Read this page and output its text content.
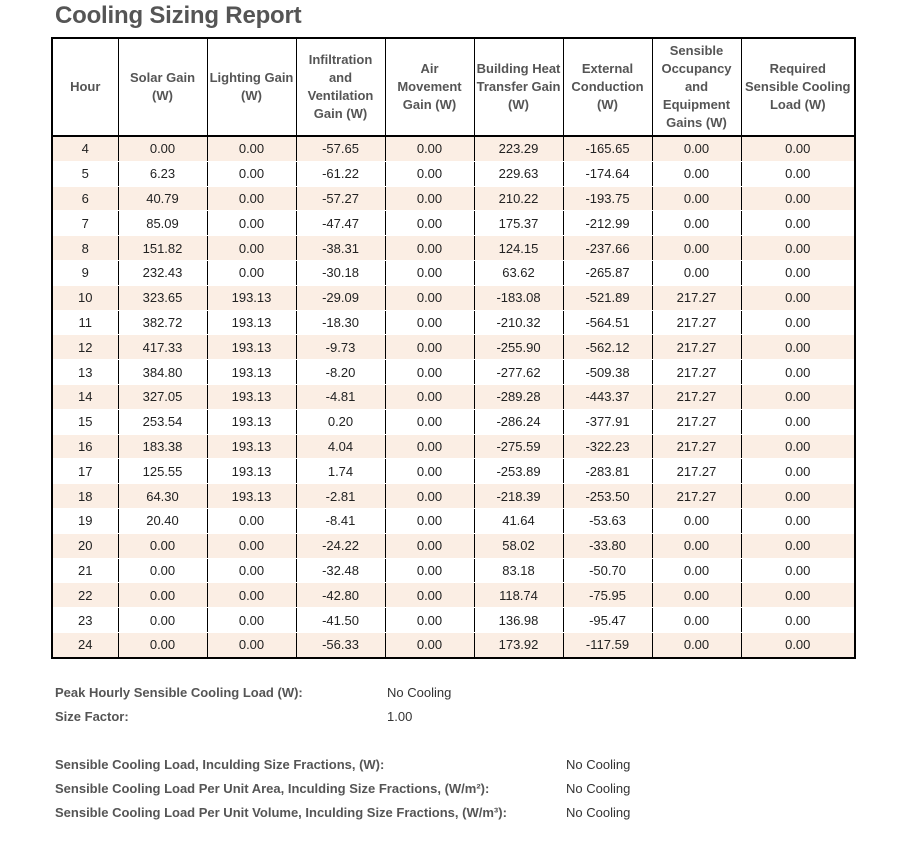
Cooling Sizing Report
Hour	Solar Gain (W)	Lighting Gain (W)	Infiltration and Ventilation Gain (W)	Air Movement Gain (W)	Building Heat Transfer Gain (W)	External Conduction (W)	Sensible Occupancy and Equipment Gains (W)	Required Sensible Cooling Load (W)
4	0.00	0.00	-57.65	0.00	223.29	-165.65	0.00	0.00
5	6.23	0.00	-61.22	0.00	229.63	-174.64	0.00	0.00
6	40.79	0.00	-57.27	0.00	210.22	-193.75	0.00	0.00
7	85.09	0.00	-47.47	0.00	175.37	-212.99	0.00	0.00
8	151.82	0.00	-38.31	0.00	124.15	-237.66	0.00	0.00
9	232.43	0.00	-30.18	0.00	63.62	-265.87	0.00	0.00
10	323.65	193.13	-29.09	0.00	-183.08	-521.89	217.27	0.00
11	382.72	193.13	-18.30	0.00	-210.32	-564.51	217.27	0.00
12	417.33	193.13	-9.73	0.00	-255.90	-562.12	217.27	0.00
13	384.80	193.13	-8.20	0.00	-277.62	-509.38	217.27	0.00
14	327.05	193.13	-4.81	0.00	-289.28	-443.37	217.27	0.00
15	253.54	193.13	0.20	0.00	-286.24	-377.91	217.27	0.00
16	183.38	193.13	4.04	0.00	-275.59	-322.23	217.27	0.00
17	125.55	193.13	1.74	0.00	-253.89	-283.81	217.27	0.00
18	64.30	193.13	-2.81	0.00	-218.39	-253.50	217.27	0.00
19	20.40	0.00	-8.41	0.00	41.64	-53.63	0.00	0.00
20	0.00	0.00	-24.22	0.00	58.02	-33.80	0.00	0.00
21	0.00	0.00	-32.48	0.00	83.18	-50.70	0.00	0.00
22	0.00	0.00	-42.80	0.00	118.74	-75.95	0.00	0.00
23	0.00	0.00	-41.50	0.00	136.98	-95.47	0.00	0.00
24	0.00	0.00	-56.33	0.00	173.92	-117.59	0.00	0.00
Peak Hourly Sensible Cooling Load (W):	No Cooling
Size Factor:	1.00
Sensible Cooling Load, Inculding Size Fractions, (W):	No Cooling
Sensible Cooling Load Per Unit Area, Inculding Size Fractions, (W/m²):	No Cooling
Sensible Cooling Load Per Unit Volume, Inculding Size Fractions, (W/m³):	No Cooling
